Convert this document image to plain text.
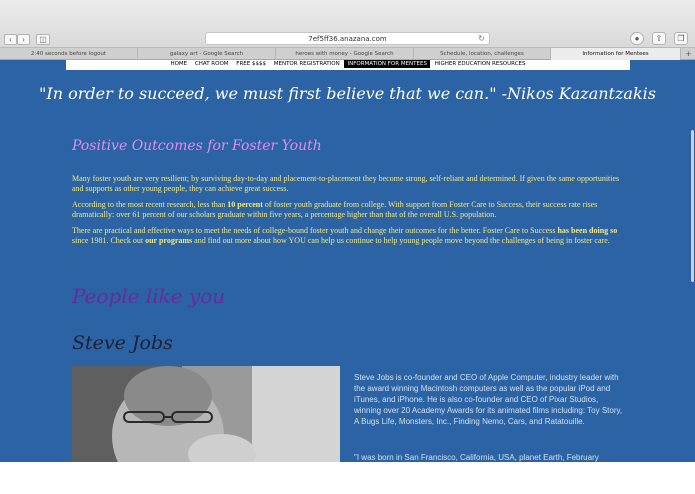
‹	›	◫	7ef5ff36.anazana.com	↻	●	⇧	❐
2:40 seconds before logout	galaxy art - Google Search	heroes with money - Google Search	Schedule, location, challenges	Information for Mentees	+
HOME CHAT ROOM FREE $$$$ MENTOR REGISTRATION INFORMATION FOR MENTEES HIGHER EDUCATION RESOURCES
"In order to succeed, we must first believe that we can." -Nikos Kazantzakis
Positive Outcomes for Foster Youth
Many foster youth are very resilient; by surviving day-to-day and placement-to-placement they become strong, self-reliant and determined. If given the same opportunities and supports as other young people, they can achieve great success.
According to the most recent research, less than 10 percent of foster youth graduate from college. With support from Foster Care to Success, their success rate rises dramatically: over 61 percent of our scholars graduate within five years, a percentage higher than that of the overall U.S. population.
There are practical and effective ways to meet the needs of college-bound foster youth and change their outcomes for the better. Foster Care to Success has been doing so since 1981. Check out our programs and find out more about how YOU can help us continue to help young people move beyond the challenges of being in foster care.
People like you
Steve Jobs
Steve Jobs is co-founder and CEO of Apple Computer, industry leader with the award winning Macintosh computers as well as the popular iPod and iTunes, and iPhone. He is also co-founder and CEO of Pixar Studios, winning over 20 Academy Awards for its animated films including: Toy Story, A Bugs Life, Monsters, Inc., Finding Nemo, Cars, and Ratatouille.
"I was born in San Francisco, California, USA, planet Earth, February
